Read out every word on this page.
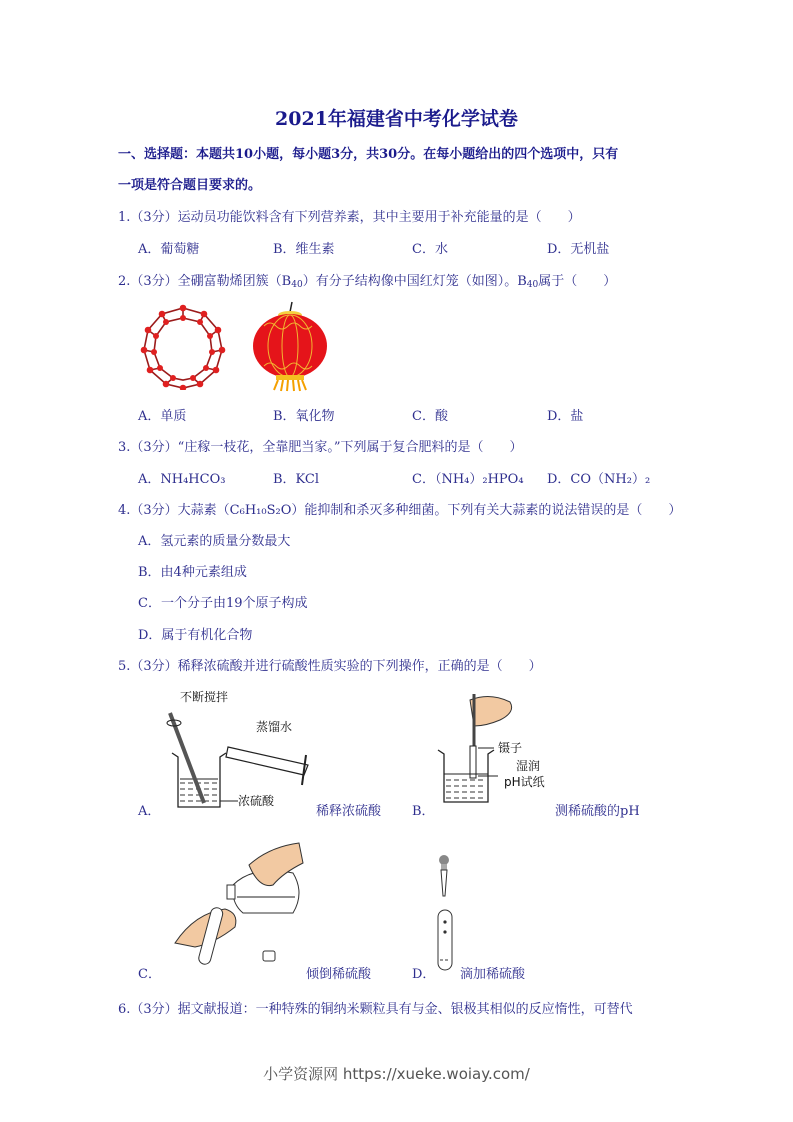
2021年福建省中考化学试卷
一、选择题：本题共10小题，每小题3分，共30分。在每小题给出的四个选项中，只有
一项是符合题目要求的。
1.（3分）运动员功能饮料含有下列营养素，其中主要用于补充能量的是（　　）
A．葡萄糖	B．维生素	C．水	D．无机盐
2.（3分）全硼富勒烯团簇$(B_{40})$有分子结构像中国红灯笼（如图）。$B_{40}$属于（　　）
A．单质	B．氧化物	C．酸	D．盐
3.（3分）“庄稼一枝花，全靠肥当家。”下列属于复合肥料的是（　　）
A．NH₄HCO₃	B．KCl	C．（NH₄）₂HPO₄ D．CO（NH₂）₂
4.（3分）大蒜素（C₆H₁₀S₂O）能抑制和杀灭多种细菌。下列有关大蒜素的说法错误的是（　　）
A．氢元素的质量分数最大
B．由4种元素组成
C．一个分子由19个原子构成
D．属于有机化合物
5.（3分）稀释浓硫酸并进行硫酸性质实验的下列操作，正确的是（　　）
不断搅拌
蒸馏水
浓硫酸
A．	稀释浓硫酸
镊子
湿润
pH试纸
B．	测稀硫酸的pH
C．	倾倒稀硫酸	D． 滴加稀硫酸
6.（3分）据文献报道：一种特殊的铜纳米颗粒具有与金、银极其相似的反应惰性，可替代
小学资源网 https://xueke.woiay.com/
